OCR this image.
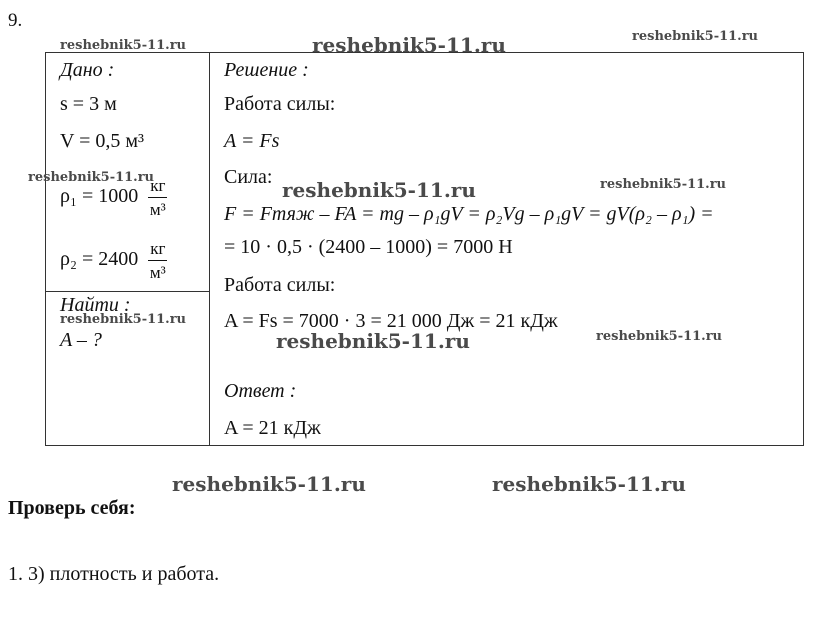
9.
Дано :
s = 3 м
V = 0,5 м³
$\rho_1 = 1000 \frac{кг}{\text{м³}}$
$\rho_2 = 2400 \frac{кг}{\text{м³}}$
Найти :
A – ?
Решение :
Работа силы:
A = Fs
Сила:
F = Fтяж – FA = mg – ρ₁gV = ρ₂Vg – ρ₁gV = gV(ρ₂ – ρ₁) =
= 10 · 0,5 · (2400 – 1000) = 7000 Н
Работа силы:
A = Fs = 7000 · 3 = 21 000 Дж = 21 кДж
Ответ :
A = 21 кДж
reshebnik5-11.ru	reshebnik5-11.ru	reshebnik5-11.ru
reshebnik5-11.ru
reshebnik5-11.ru	reshebnik5-11.ru
reshebnik5-11.ru
reshebnik5-11.ru	reshebnik5-11.ru
reshebnik5-11.ru	reshebnik5-11.ru
Проверь себя:
1. 3) плотность и работа.
